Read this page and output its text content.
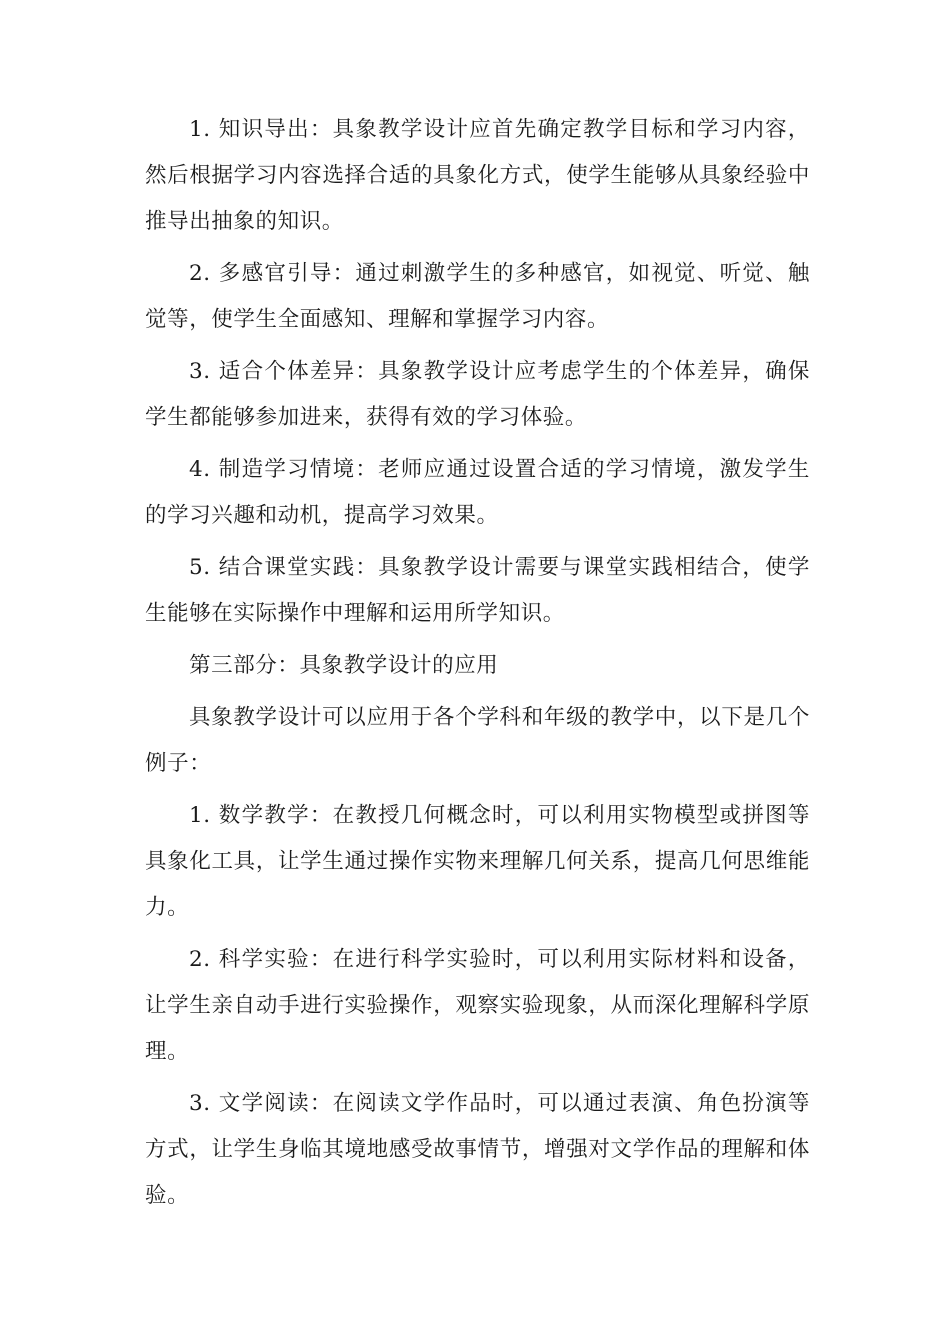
1. 知识导出：具象教学设计应首先确定教学目标和学习内容，然后根据学习内容选择合适的具象化方式，使学生能够从具象经验中推导出抽象的知识。

2. 多感官引导：通过刺激学生的多种感官，如视觉、听觉、触觉等，使学生全面感知、理解和掌握学习内容。

3. 适合个体差异：具象教学设计应考虑学生的个体差异，确保学生都能够参加进来，获得有效的学习体验。

4. 制造学习情境：老师应通过设置合适的学习情境，激发学生的学习兴趣和动机，提高学习效果。

5. 结合课堂实践：具象教学设计需要与课堂实践相结合，使学生能够在实际操作中理解和运用所学知识。

第三部分：具象教学设计的应用

具象教学设计可以应用于各个学科和年级的教学中，以下是几个例子：

1. 数学教学：在教授几何概念时，可以利用实物模型或拼图等具象化工具，让学生通过操作实物来理解几何关系，提高几何思维能力。

2. 科学实验：在进行科学实验时，可以利用实际材料和设备，让学生亲自动手进行实验操作，观察实验现象，从而深化理解科学原理。

3. 文学阅读：在阅读文学作品时，可以通过表演、角色扮演等方式，让学生身临其境地感受故事情节，增强对文学作品的理解和体验。
